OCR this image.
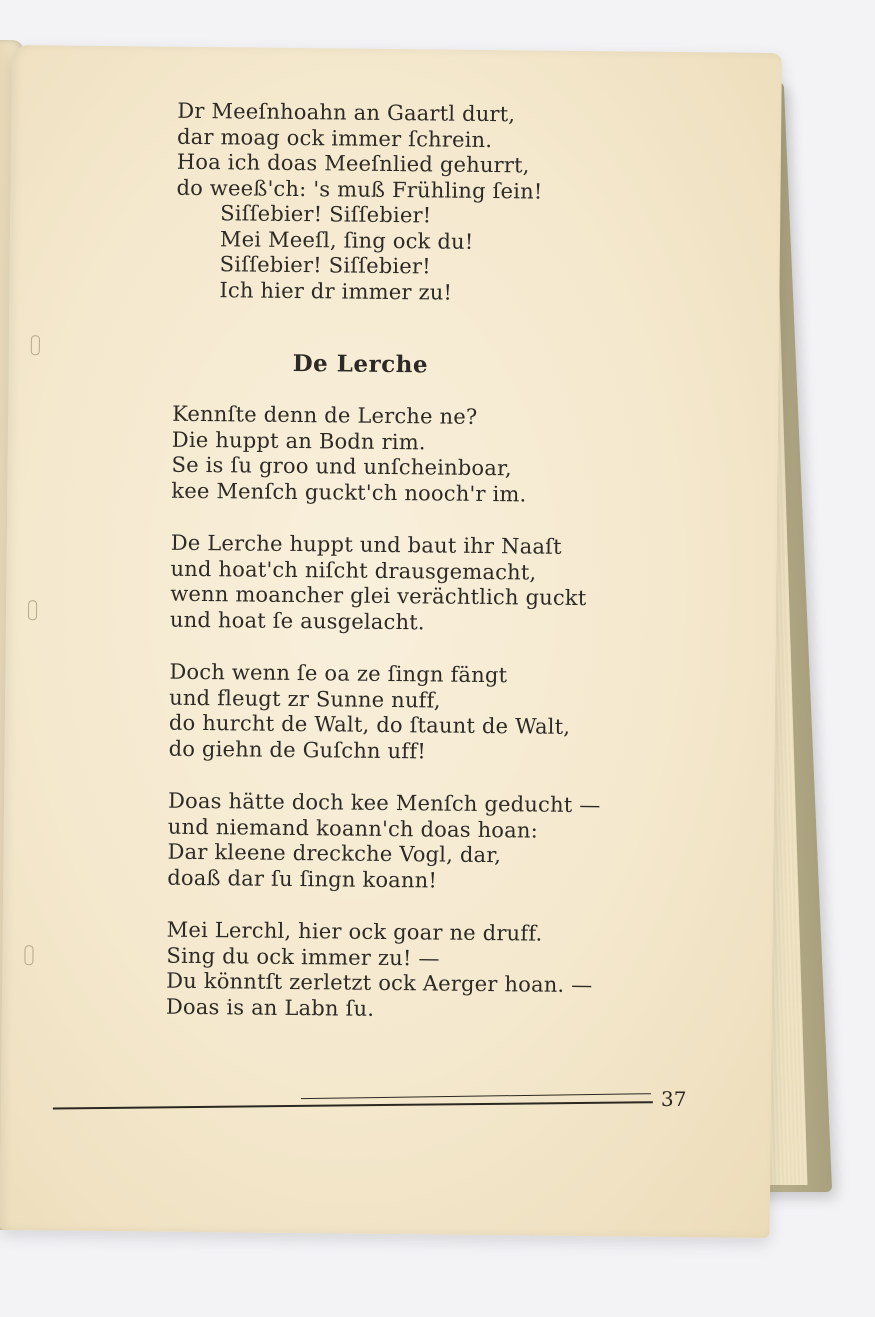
Dr Meeſnhoahn an Gaartl durt,
dar moag ock immer ſchrein.
Hoa ich doas Meeſnlied gehurrt,
do weeß'ch: 's muß Frühling ſein!
Siſſebier! Siſſebier!
Mei Meeſl, ſing ock du!
Siſſebier! Siſſebier!
Ich hier dr immer zu!
De Lerche
Kennſte denn de Lerche ne?
Die huppt an Bodn rim.
Se is ſu groo und unſcheinboar,
kee Menſch guckt'ch nooch'r im.
De Lerche huppt und baut ihr Naaſt
und hoat'ch niſcht drausgemacht,
wenn moancher glei verächtlich guckt
und hoat ſe ausgelacht.
Doch wenn ſe oa ze ſingn fängt
und fleugt zr Sunne nuff,
do hurcht de Walt, do ſtaunt de Walt,
do giehn de Guſchn uff!
Doas hätte doch kee Menſch geducht —
und niemand koann'ch doas hoan:
Dar kleene dreckche Vogl, dar,
doaß dar ſu ſingn koann!
Mei Lerchl, hier ock goar ne druff.
Sing du ock immer zu! —
Du könntſt zerletzt ock Aerger hoan. —
Doas is an Labn ſu.
37
